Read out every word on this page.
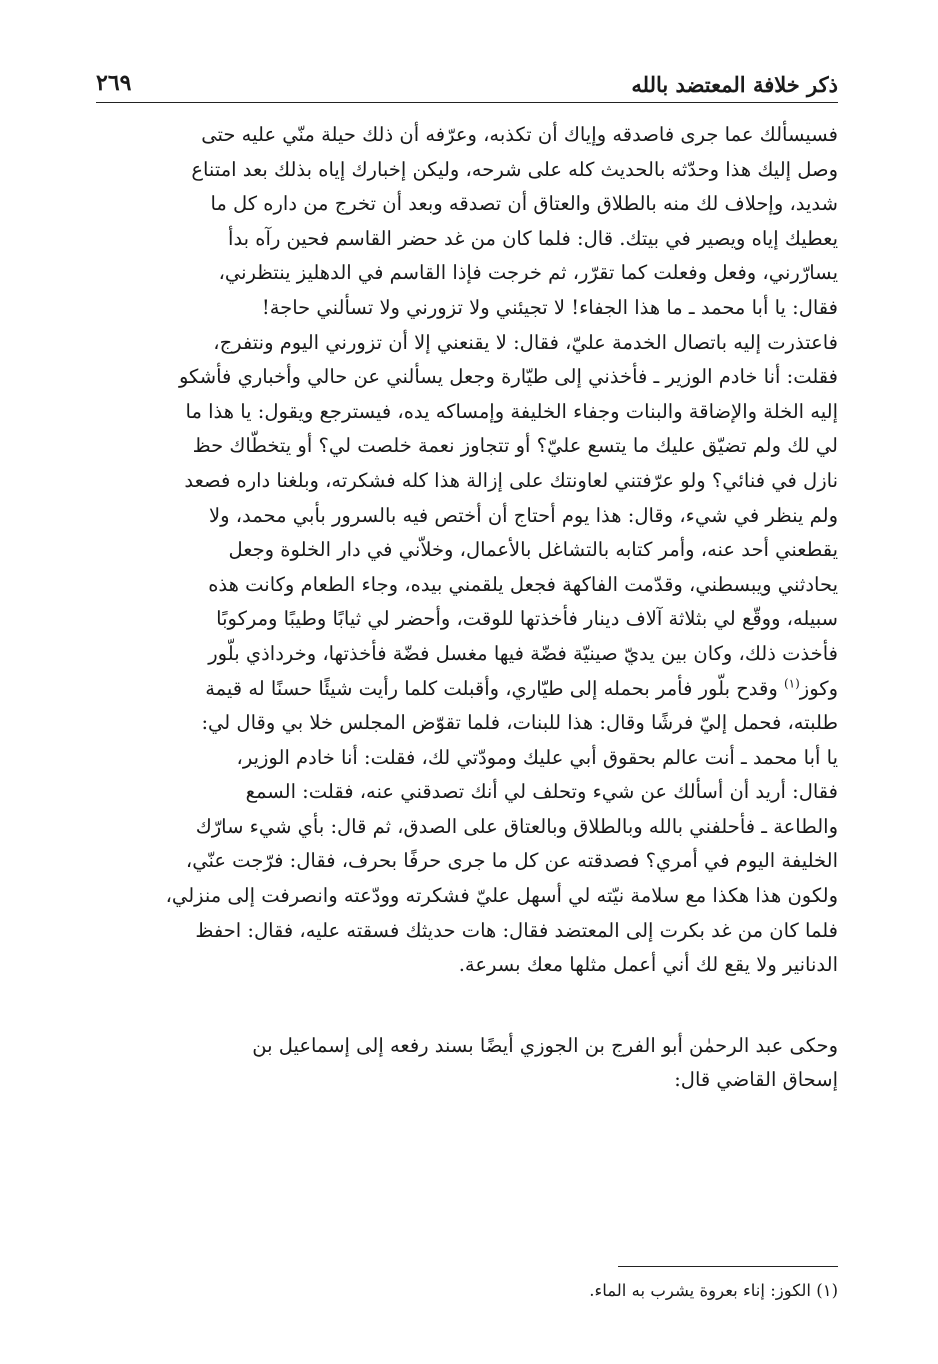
ذكر خلافة المعتضد بالله
٢٦٩
فسيسألك عما جرى فاصدقه وإياك أن تكذبه، وعرّفه أن ذلك حيلة منّي عليه حتى
وصل إليك هذا وحدّثه بالحديث كله على شرحه، وليكن إخبارك إياه بذلك بعد امتناع
شديد، وإحلاف لك منه بالطلاق والعتاق أن تصدقه وبعد أن تخرج من داره كل ما
يعطيك إياه ويصير في بيتك. قال: فلما كان من غد حضر القاسم فحين رآه بدأ
يسارّرني، وفعل وفعلت كما تقرّر، ثم خرجت فإذا القاسم في الدهليز ينتظرني،
فقال: يا أبا محمد ـ ما هذا الجفاء! لا تجيئني ولا تزورني ولا تسألني حاجة!
فاعتذرت إليه باتصال الخدمة عليّ، فقال: لا يقنعني إلا أن تزورني اليوم ونتفرج،
فقلت: أنا خادم الوزير ـ فأخذني إلى طيّارة وجعل يسألني عن حالي وأخباري فأشكو
إليه الخلة والإضاقة والبنات وجفاء الخليفة وإمساكه يده، فيسترجع ويقول: يا هذا ما
لي لك ولم تضيّق عليك ما يتسع عليّ؟ أو تتجاوز نعمة خلصت لي؟ أو يتخطّاك حظ
نازل في فنائي؟ ولو عرّفتني لعاونتك على إزالة هذا كله فشكرته، وبلغنا داره فصعد
ولم ينظر في شيء، وقال: هذا يوم أحتاج أن أختص فيه بالسرور بأبي محمد، ولا
يقطعني أحد عنه، وأمر كتابه بالتشاغل بالأعمال، وخلاّني في دار الخلوة وجعل
يحادثني ويبسطني، وقدّمت الفاكهة فجعل يلقمني بيده، وجاء الطعام وكانت هذه
سبيله، ووقّع لي بثلاثة آلاف دينار فأخذتها للوقت، وأحضر لي ثيابًا وطيبًا ومركوبًا
فأخذت ذلك، وكان بين يديّ صينيّة فضّة فيها مغسل فضّة فأخذتها، وخرداذي بلّور
وكوز$^{(١)}$ وقدح بلّور فأمر بحمله إلى طيّاري، وأقبلت كلما رأيت شيئًا حسنًا له قيمة
طلبته، فحمل إليّ فرشًا وقال: هذا للبنات، فلما تقوّض المجلس خلا بي وقال لي:
يا أبا محمد ـ أنت عالم بحقوق أبي عليك ومودّتي لك، فقلت: أنا خادم الوزير،
فقال: أريد أن أسألك عن شيء وتحلف لي أنك تصدقني عنه، فقلت: السمع
والطاعة ـ فأحلفني بالله وبالطلاق وبالعتاق على الصدق، ثم قال: بأي شيء سارّك
الخليفة اليوم في أمري؟ فصدقته عن كل ما جرى حرفًا بحرف، فقال: فرّجت عنّي،
ولكون هذا هكذا مع سلامة نيّته لي أسهل عليّ فشكرته وودّعته وانصرفت إلى منزلي،
فلما كان من غد بكرت إلى المعتضد فقال: هات حديثك فسقته عليه، فقال: احفظ
الدنانير ولا يقع لك أني أعمل مثلها معك بسرعة.
وحكى عبد الرحمٰن أبو الفرج بن الجوزي أيضًا بسند رفعه إلى إسماعيل بن
إسحاق القاضي قال:
(١) الكوز: إناء بعروة يشرب به الماء.
